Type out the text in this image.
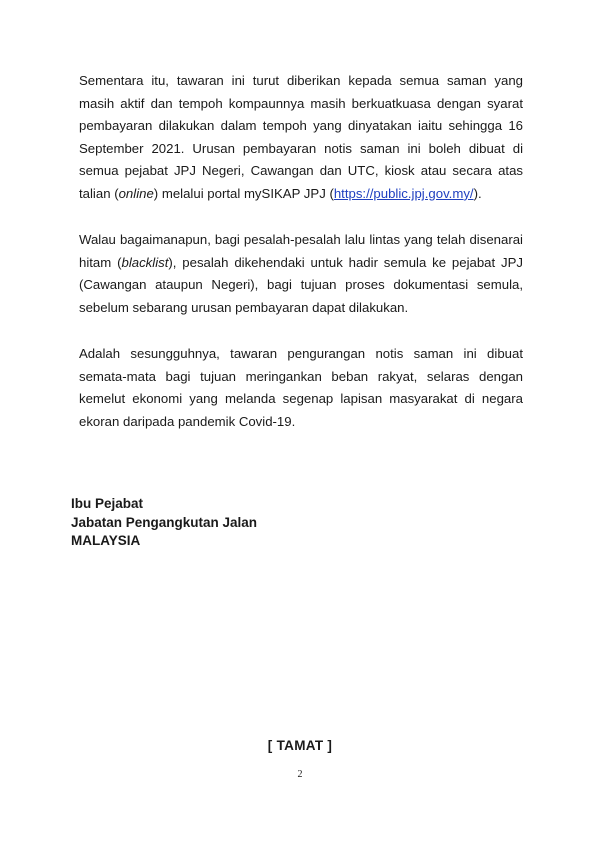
Sementara itu, tawaran ini turut diberikan kepada semua saman yang masih aktif dan tempoh kompaunnya masih berkuatkuasa dengan syarat pembayaran dilakukan dalam tempoh yang dinyatakan iaitu sehingga 16 September 2021. Urusan pembayaran notis saman ini boleh dibuat di semua pejabat JPJ Negeri, Cawangan dan UTC, kiosk atau secara atas talian (online) melalui portal mySIKAP JPJ (https://public.jpj.gov.my/).

Walau bagaimanapun, bagi pesalah-pesalah lalu lintas yang telah disenarai hitam (blacklist), pesalah dikehendaki untuk hadir semula ke pejabat JPJ (Cawangan ataupun Negeri), bagi tujuan proses dokumentasi semula, sebelum sebarang urusan pembayaran dapat dilakukan.

Adalah sesungguhnya, tawaran pengurangan notis saman ini dibuat semata-mata bagi tujuan meringankan beban rakyat, selaras dengan kemelut ekonomi yang melanda segenap lapisan masyarakat di negara ekoran daripada pandemik Covid-19.

Ibu Pejabat
Jabatan Pengangkutan Jalan
MALAYSIA
[ TAMAT ]
2
